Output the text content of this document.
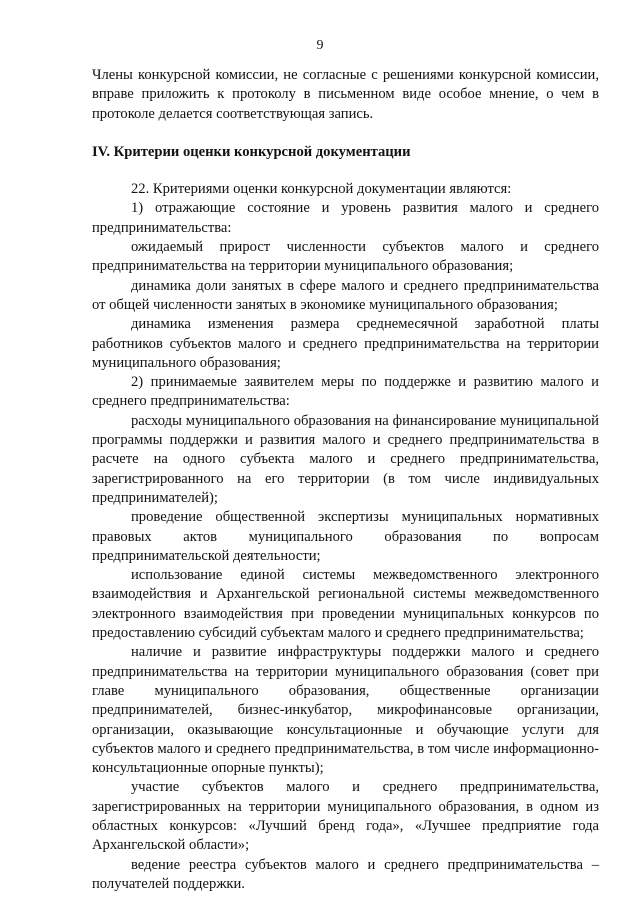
9

Члены конкурсной комиссии, не согласные с решениями конкурсной комиссии, вправе приложить к протоколу в письменном виде особое мнение, о чем в протоколе делается соответствующая запись.

IV. Критерии оценки конкурсной документации

22. Критериями оценки конкурсной документации являются:

1) отражающие состояние и уровень развития малого и среднего предпринимательства:

ожидаемый прирост численности субъектов малого и среднего предпринимательства на территории муниципального образования;

динамика доли занятых в сфере малого и среднего предпринимательства от общей численности занятых в экономике муниципального образования;

динамика изменения размера среднемесячной заработной платы работников субъектов малого и среднего предпринимательства на территории муниципального образования;

2) принимаемые заявителем меры по поддержке и развитию малого и среднего предпринимательства:

расходы муниципального образования на финансирование муниципальной программы поддержки и развития малого и среднего предпринимательства в расчете на одного субъекта малого и среднего предпринимательства, зарегистрированного на его территории (в том числе индивидуальных предпринимателей);

проведение общественной экспертизы муниципальных нормативных правовых актов муниципального образования по вопросам предпринимательской деятельности;

использование единой системы межведомственного электронного взаимодействия и Архангельской региональной системы межведомственного электронного взаимодействия при проведении муниципальных конкурсов по предоставлению субсидий субъектам малого и среднего предпринимательства;

наличие и развитие инфраструктуры поддержки малого и среднего предпринимательства на территории муниципального образования (совет при главе муниципального образования, общественные организации предпринимателей, бизнес-инкубатор, микрофинансовые организации, организации, оказывающие консультационные и обучающие услуги для субъектов малого и среднего предпринимательства, в том числе информационно-консультационные опорные пункты);

участие субъектов малого и среднего предпринимательства, зарегистрированных на территории муниципального образования, в одном из областных конкурсов: «Лучший бренд года», «Лучшее предприятие года Архангельской области»;

ведение реестра субъектов малого и среднего предпринимательства – получателей поддержки.
